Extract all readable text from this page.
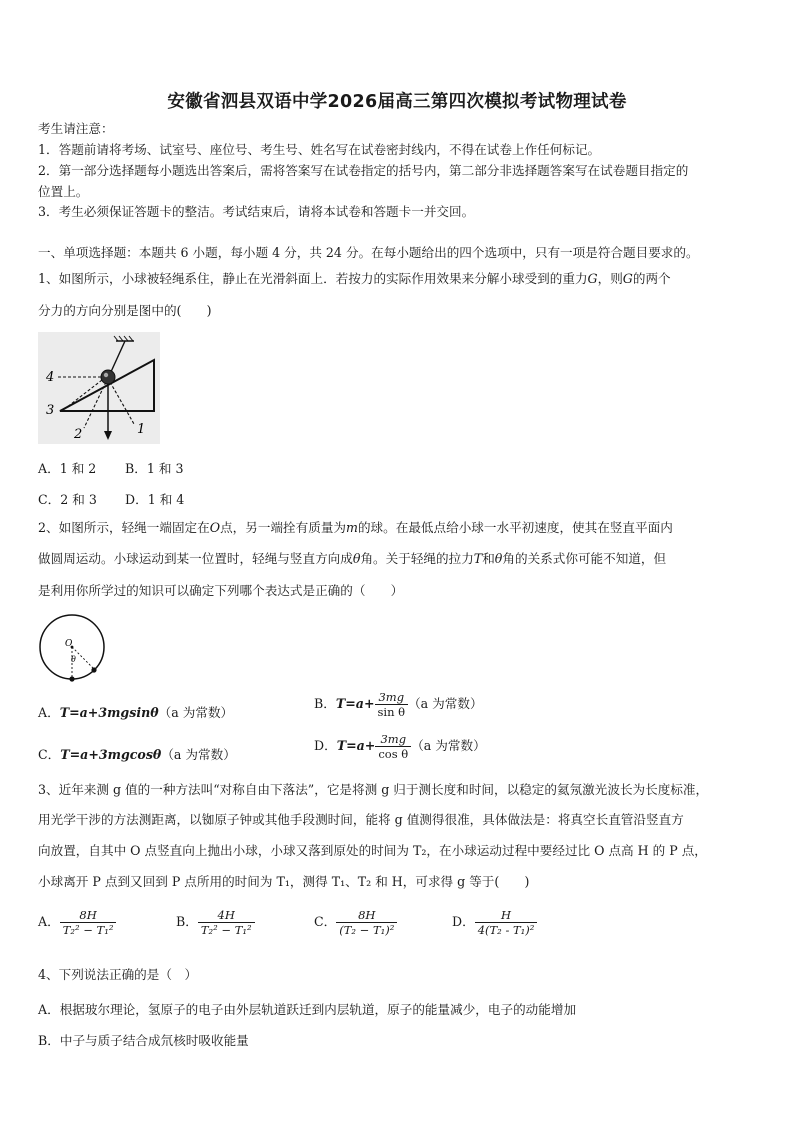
安徽省泗县双语中学2026届高三第四次模拟考试物理试卷
考生请注意：
1．答题前请将考场、试室号、座位号、考生号、姓名写在试卷密封线内，不得在试卷上作任何标记。
2．第一部分选择题每小题选出答案后，需将答案写在试卷指定的括号内，第二部分非选择题答案写在试卷题目指定的
位置上。
3．考生必须保证答题卡的整洁。考试结束后，请将本试卷和答题卡一并交回。
一、单项选择题：本题共 6 小题，每小题 4 分，共 24 分。在每小题给出的四个选项中，只有一项是符合题目要求的。
1、如图所示，小球被轻绳系住，静止在光滑斜面上．若按力的实际作用效果来分解小球受到的重力G，则G的两个
分力的方向分别是图中的(　　)
4
3
2	1
A．1 和 2 B．1 和 3
C．2 和 3 D．1 和 4
2、如图所示，轻绳一端固定在O点，另一端拴有质量为m的球。在最低点给小球一水平初速度，使其在竖直平面内
做圆周运动。小球运动到某一位置时，轻绳与竖直方向成θ角。关于轻绳的拉力T和θ角的关系式你可能不知道，但
是利用你所学过的知识可以确定下列哪个表达式是正确的（　　）
O
θ
A．T=a+3mgsinθ（a 为常数）
B．$T=a+ \frac{3mg}{\text{sin θ}} (a$ 为常数）
C．T=a+3mgcosθ（a 为常数）
D．$T=a+ \frac{3mg}{\text{cos θ}} (a$ 为常数）
3、近年来测 g 值的一种方法叫“对称自由下落法”，它是将测 g 归于测长度和时间，以稳定的氦氖激光波长为长度标准，
用光学干涉的方法测距离，以铷原子钟或其他手段测时间，能将 g 值测得很准，具体做法是：将真空长直管沿竖直方
向放置，自其中 O 点竖直向上抛出小球，小球又落到原处的时间为 T₂，在小球运动过程中要经过比 O 点高 H 的 P 点，
小球离开 P 点到又回到 P 点所用的时间为 T₁，测得 T₁、T₂ 和 H，可求得 g 等于(　　)
A． $\frac{8H}{\text{T₂² − T₁²}}$	B． $\frac{4H}{\text{T₂² − T₁²}}$	C． $\frac{8H}{\text{(T₂ − T₁)²}}$	D． $\frac{H}{\text{4(T₂ - T₁)²}}$
4、下列说法正确的是（　）
A．根据玻尔理论，氢原子的电子由外层轨道跃迁到内层轨道，原子的能量减少，电子的动能增加
B．中子与质子结合成氘核时吸收能量
